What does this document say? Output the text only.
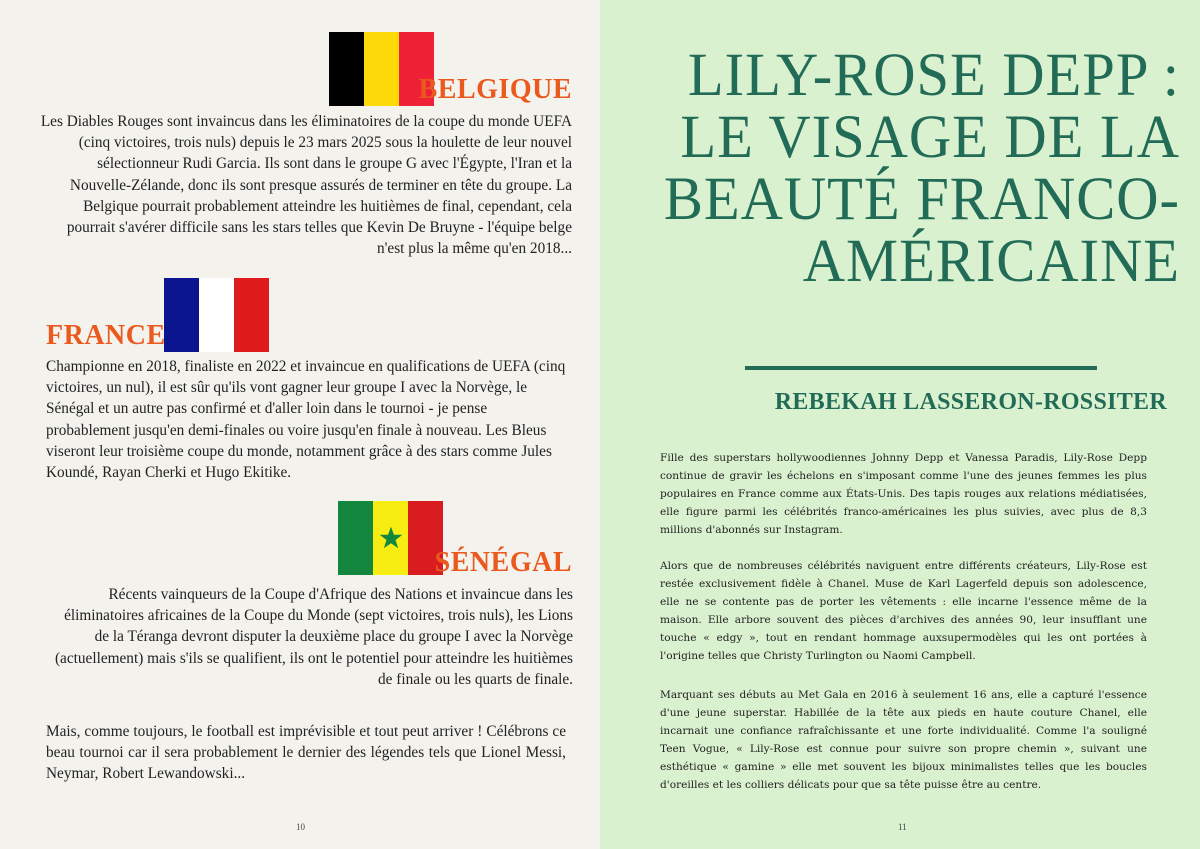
BELGIQUE

Les Diables Rouges sont invaincus dans les éliminatoires de la coupe du monde UEFA (cinq victoires, trois nuls) depuis le 23 mars 2025 sous la houlette de leur nouvel sélectionneur Rudi Garcia. Ils sont dans le groupe G avec l'Égypte, l'Iran et la Nouvelle-Zélande, donc ils sont presque assurés de terminer en tête du groupe. La Belgique pourrait probablement atteindre les huitièmes de final, cependant, cela pourrait s'avérer difficile sans les stars telles que Kevin De Bruyne - l'équipe belge n'est plus la même qu'en 2018...

FRANCE

Championne en 2018, finaliste en 2022 et invaincue en qualifications de UEFA (cinq victoires, un nul), il est sûr qu'ils vont gagner leur groupe I avec la Norvège, le Sénégal et un autre pas confirmé et d'aller loin dans le tournoi - je pense probablement jusqu'en demi-finales ou voire jusqu'en finale à nouveau. Les Bleus viseront leur troisième coupe du monde, notamment grâce à des stars comme Jules Koundé, Rayan Cherki et Hugo Ekitike.

SÉNÉGAL

Récents vainqueurs de la Coupe d'Afrique des Nations et invaincue dans les éliminatoires africaines de la Coupe du Monde (sept victoires, trois nuls), les Lions de la Téranga devront disputer la deuxième place du groupe I avec la Norvège (actuellement) mais s'ils se qualifient, ils ont le potentiel pour atteindre les huitièmes de finale ou les quarts de finale.

Mais, comme toujours, le football est imprévisible et tout peut arriver ! Célébrons ce beau tournoi car il sera probablement le dernier des légendes tels que Lionel Messi, Neymar, Robert Lewandowski...

10
LILY-ROSE DEPP : LE VISAGE DE LA BEAUTÉ FRANCO-AMÉRICAINE
REBEKAH LASSERON-ROSSITER

Fille des superstars hollywoodiennes Johnny Depp et Vanessa Paradis, Lily-Rose Depp continue de gravir les échelons en s'imposant comme l'une des jeunes femmes les plus populaires en France comme aux États-Unis. Des tapis rouges aux relations médiatisées, elle figure parmi les célébrités franco-américaines les plus suivies, avec plus de 8,3 millions d'abonnés sur Instagram.

Alors que de nombreuses célébrités naviguent entre différents créateurs, Lily-Rose est restée exclusivement fidèle à Chanel. Muse de Karl Lagerfeld depuis son adolescence, elle ne se contente pas de porter les vêtements : elle incarne l'essence même de la maison. Elle arbore souvent des pièces d'archives des années 90, leur insufflant une touche « edgy », tout en rendant hommage auxsupermodèles qui les ont portées à l'origine telles que Christy Turlington ou Naomi Campbell.

Marquant ses débuts au Met Gala en 2016 à seulement 16 ans, elle a capturé l'essence d'une jeune superstar. Habillée de la tête aux pieds en haute couture Chanel, elle incarnait une confiance rafraîchissante et une forte individualité. Comme l'a souligné Teen Vogue, « Lily-Rose est connue pour suivre son propre chemin », suivant une esthétique « gamine » elle met souvent les bijoux minimalistes telles que les boucles d'oreilles et les colliers délicats pour que sa tête puisse être au centre.

11
